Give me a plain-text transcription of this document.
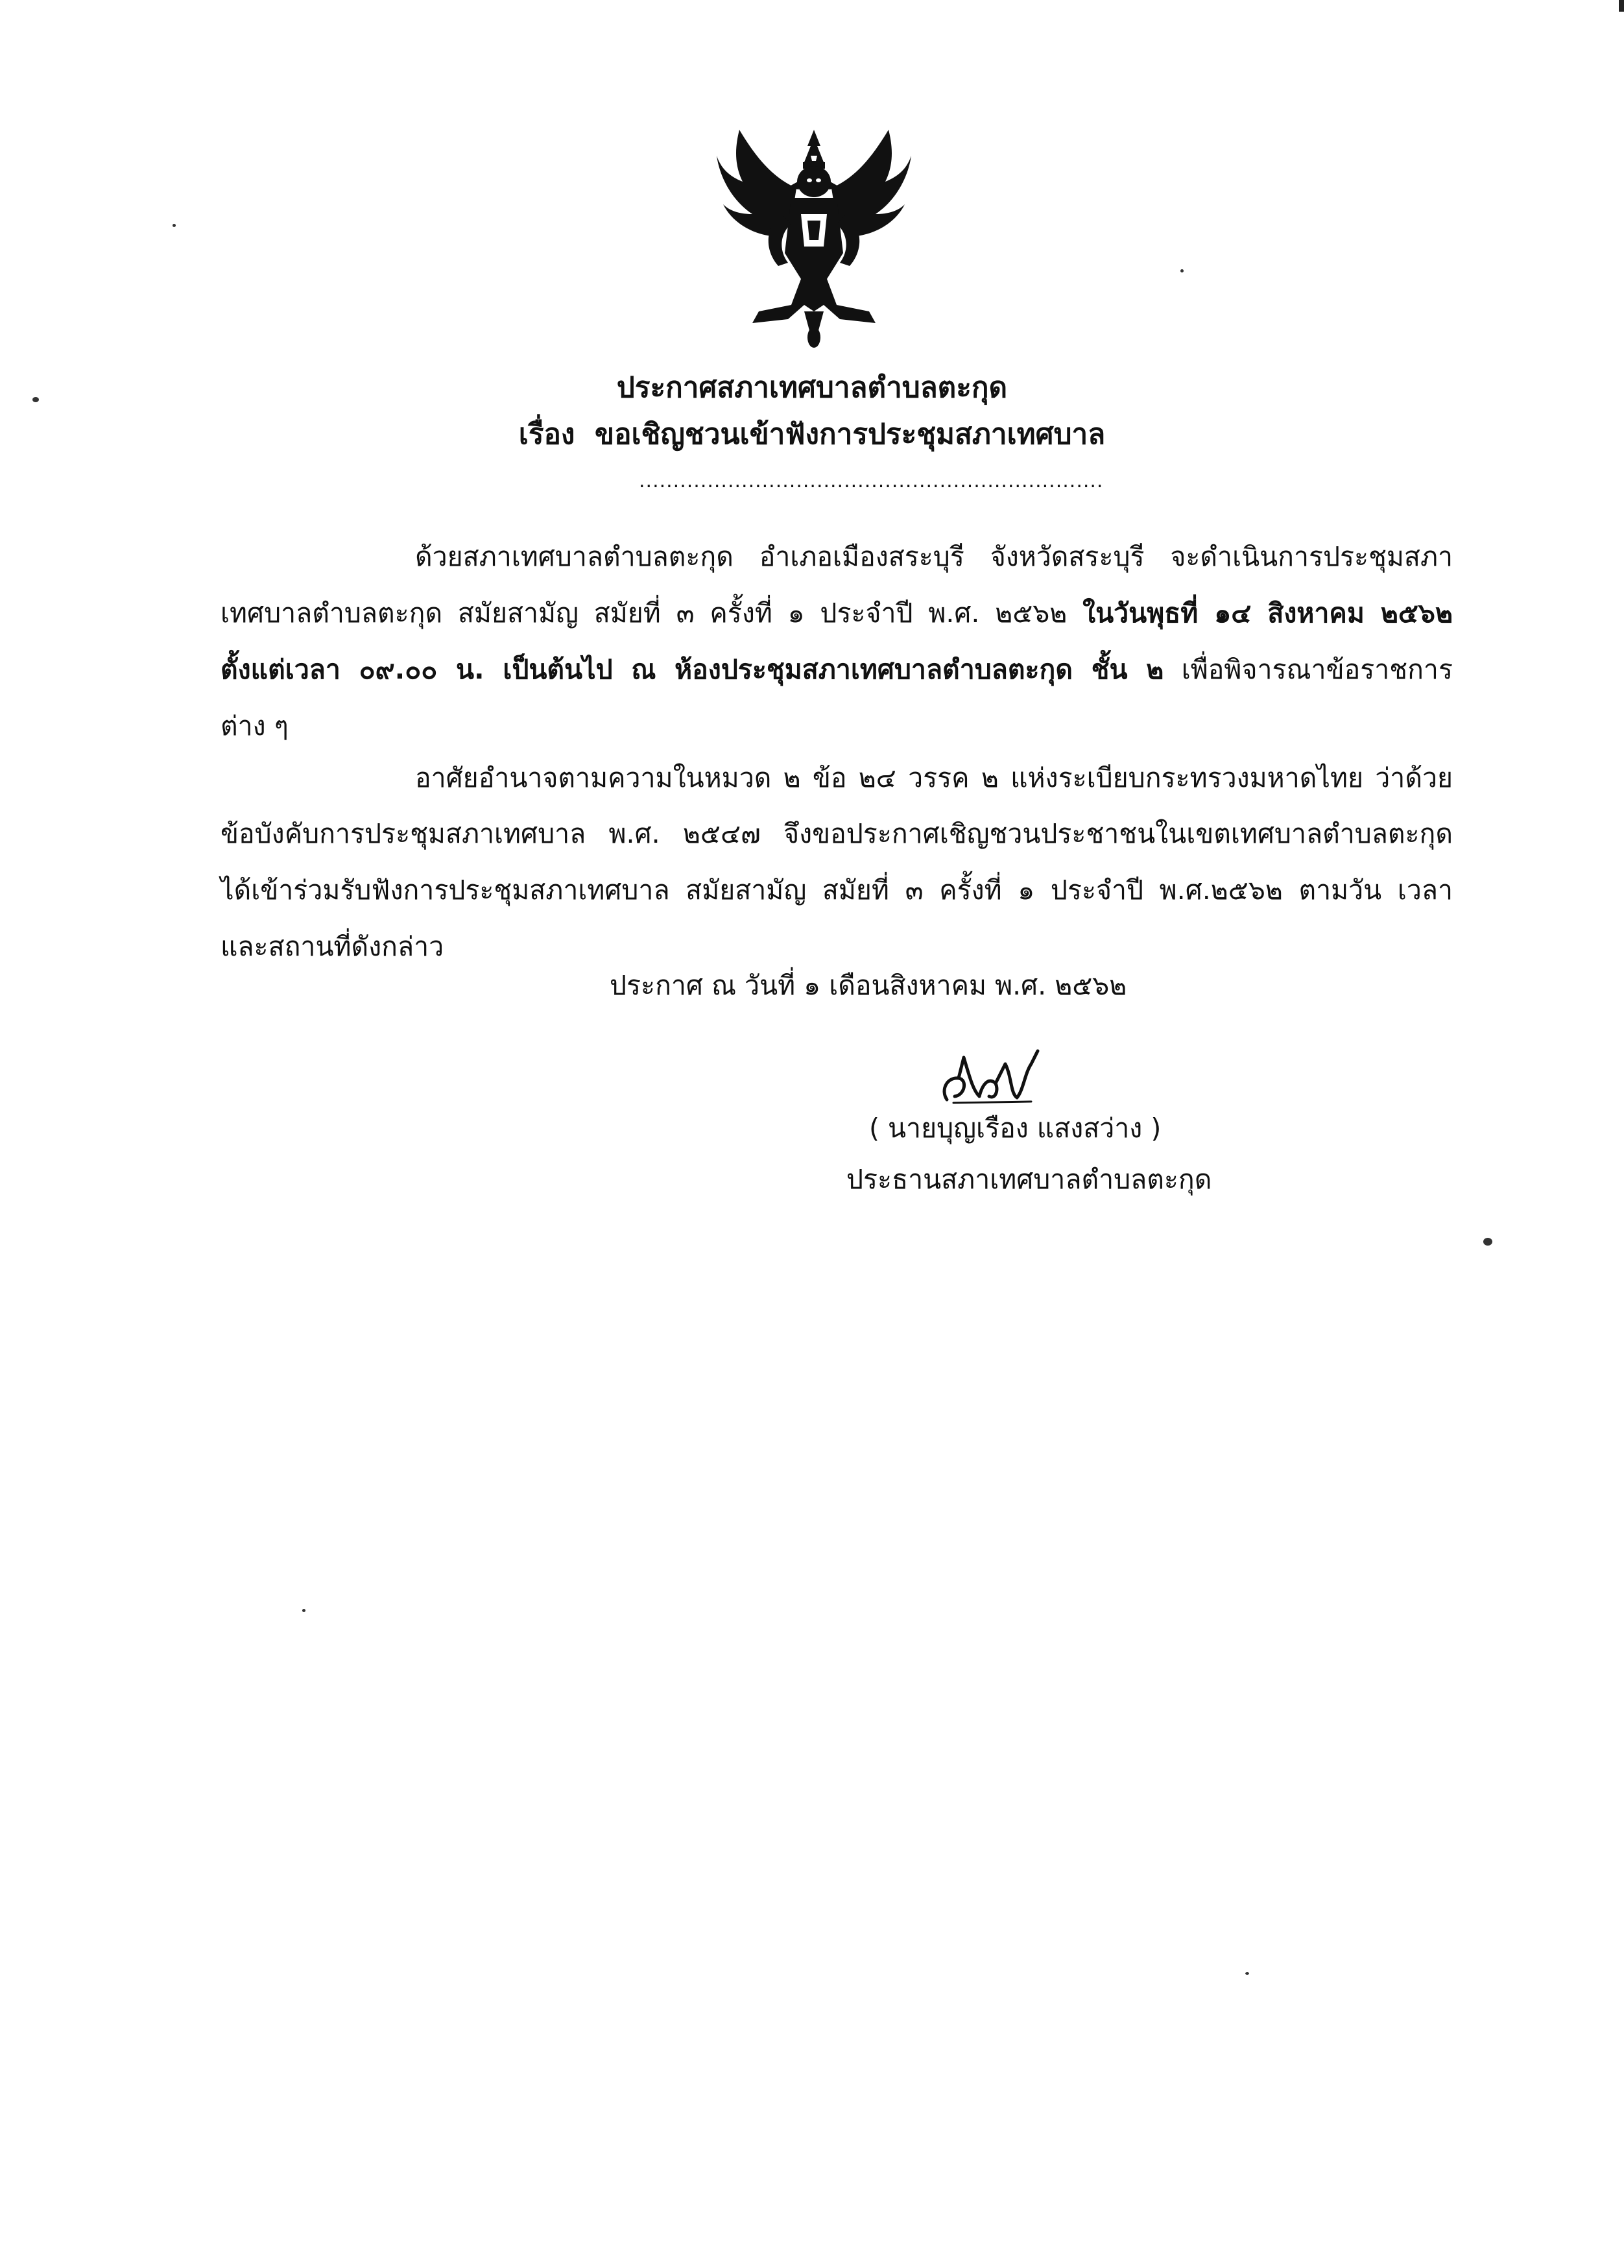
ประกาศสภาเทศบาลตำบลตะกุด
เรื่อง ขอเชิญชวนเข้าฟังการประชุมสภาเทศบาล
....................................................................
ด้วยสภาเทศบาลตำบลตะกุด อำเภอเมืองสระบุรี จังหวัดสระบุรี จะดำเนินการประชุมสภา
เทศบาลตำบลตะกุด สมัยสามัญ สมัยที่ ๓ ครั้งที่ ๑ ประจำปี พ.ศ. ๒๕๖๒ ในวันพุธที่ ๑๔ สิงหาคม ๒๕๖๒
ตั้งแต่เวลา ๐๙.๐๐ น. เป็นต้นไป ณ ห้องประชุมสภาเทศบาลตำบลตะกุด ชั้น ๒ เพื่อพิจารณาข้อราชการ
ต่าง ๆ
อาศัยอำนาจตามความในหมวด ๒ ข้อ ๒๔ วรรค ๒ แห่งระเบียบกระทรวงมหาดไทย ว่าด้วย
ข้อบังคับการประชุมสภาเทศบาล พ.ศ. ๒๕๔๗ จึงขอประกาศเชิญชวนประชาชนในเขตเทศบาลตำบลตะกุด
ได้เข้าร่วมรับฟังการประชุมสภาเทศบาล สมัยสามัญ สมัยที่ ๓ ครั้งที่ ๑ ประจำปี พ.ศ.๒๕๖๒ ตามวัน เวลา
และสถานที่ดังกล่าว
ประกาศ ณ วันที่ ๑ เดือนสิงหาคม พ.ศ. ๒๕๖๒
( นายบุญเรือง แสงสว่าง )
ประธานสภาเทศบาลตำบลตะกุด
